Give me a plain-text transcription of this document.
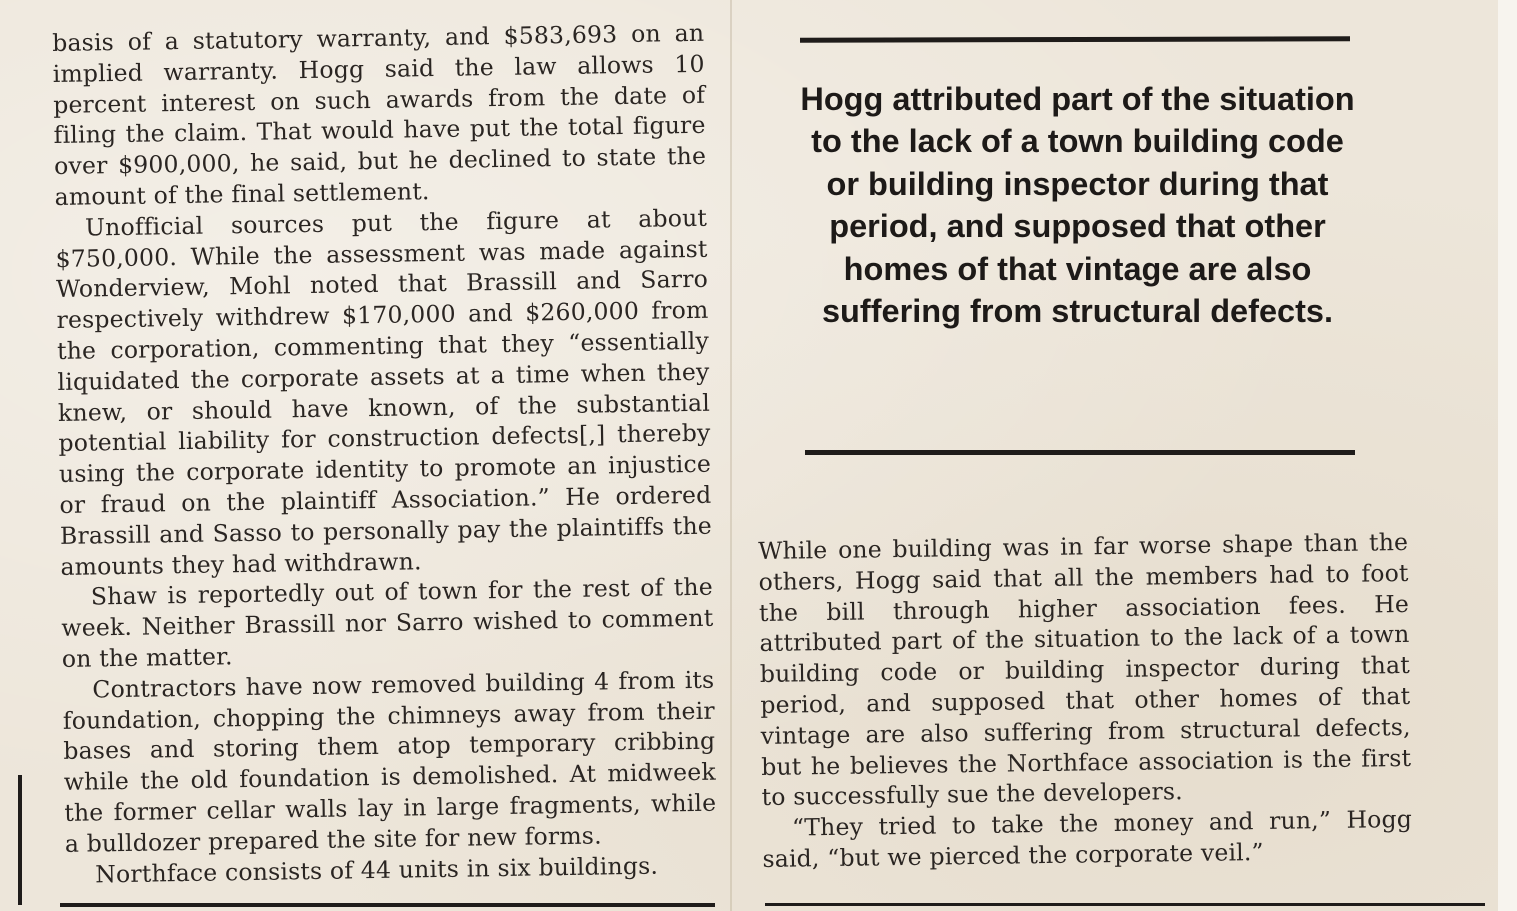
basis of a statutory warranty, and $583,693 on an implied warranty. Hogg said the law allows 10 percent interest on such awards from the date of filing the claim. That would have put the total figure over $900,000, he said, but he declined to state the amount of the final settlement.

Unofficial sources put the figure at about $750,000. While the assessment was made against Wonderview, Mohl noted that Brassill and Sarro respectively withdrew $170,000 and $260,000 from the corporation, commenting that they “essentially liquidated the corporate assets at a time when they knew, or should have known, of the substantial potential liability for construction defects[,] thereby using the corporate identity to promote an injustice or fraud on the plaintiff Association.” He ordered Brassill and Sasso to personally pay the plaintiffs the amounts they had withdrawn.

Shaw is reportedly out of town for the rest of the week. Neither Brassill nor Sarro wished to comment on the matter.

Contractors have now removed building 4 from its foundation, chopping the chimneys away from their bases and storing them atop temporary cribbing while the old foundation is demolished. At midweek the former cellar walls lay in large fragments, while a bulldozer prepared the site for new forms.

Northface consists of 44 units in six buildings.

Hogg attributed part of the situation to the lack of a town building code or building inspector during that period, and supposed that other homes of that vintage are also suffering from structural defects.

While one building was in far worse shape than the others, Hogg said that all the members had to foot the bill through higher association fees. He attributed part of the situation to the lack of a town building code or building inspector during that period, and supposed that other homes of that vintage are also suffering from structural defects, but he believes the Northface association is the first to successfully sue the developers.

“They tried to take the money and run,” Hogg said, “but we pierced the corporate veil.”
